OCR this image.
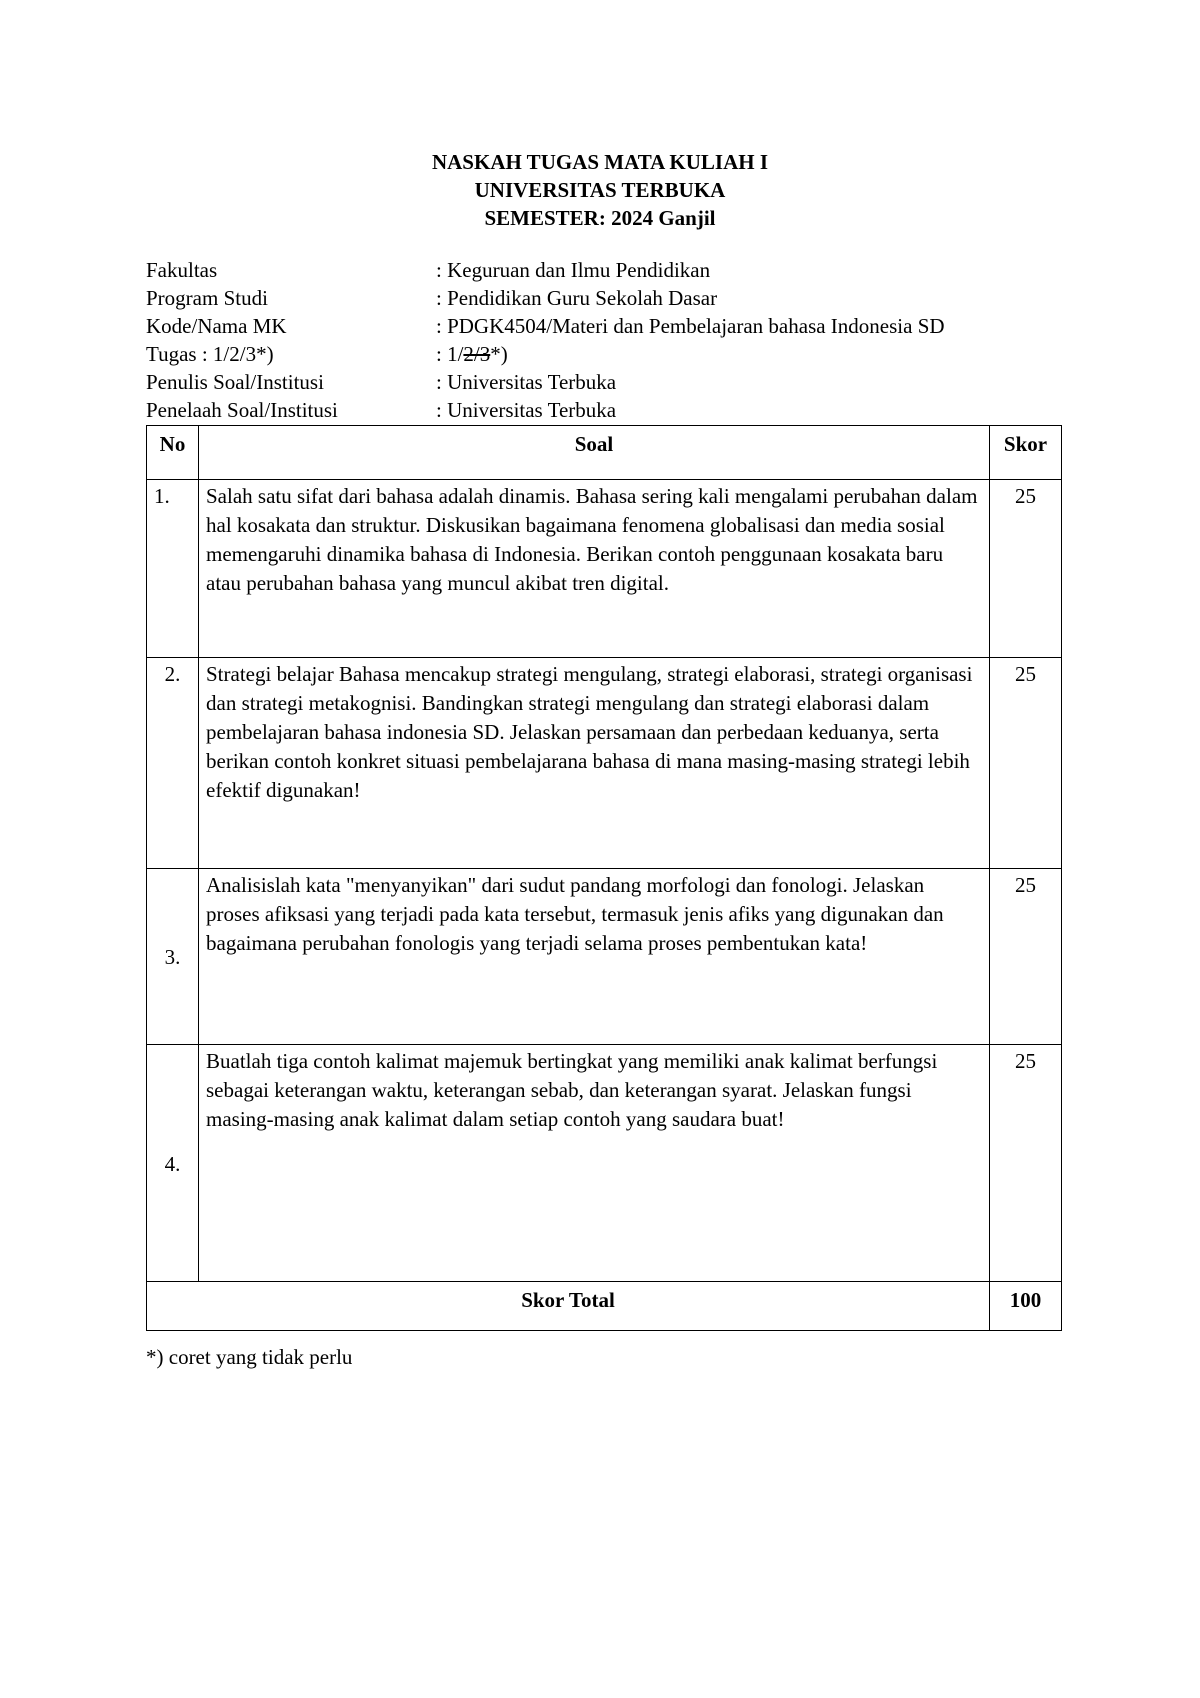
NASKAH TUGAS MATA KULIAH I
UNIVERSITAS TERBUKA
SEMESTER: 2024 Ganjil
Fakultas	: Keguruan dan Ilmu Pendidikan
Program Studi	: Pendidikan Guru Sekolah Dasar
Kode/Nama MK	: PDGK4504/Materi dan Pembelajaran bahasa Indonesia SD
Tugas : 1/2/3*)	: 1/2/3*)
Penulis Soal/Institusi	: Universitas Terbuka
Penelaah Soal/Institusi	: Universitas Terbuka
No	Soal	Skor
1.	Salah satu sifat dari bahasa adalah dinamis. Bahasa sering kali mengalami perubahan dalam hal kosakata dan struktur. Diskusikan bagaimana fenomena globalisasi dan media sosial memengaruhi dinamika bahasa di Indonesia. Berikan contoh penggunaan kosakata baru atau perubahan bahasa yang muncul akibat tren digital.	25
2.	Strategi belajar Bahasa mencakup strategi mengulang, strategi elaborasi, strategi organisasi dan strategi metakognisi. Bandingkan strategi mengulang dan strategi elaborasi dalam pembelajaran bahasa indonesia SD. Jelaskan persamaan dan perbedaan keduanya, serta berikan contoh konkret situasi pembelajarana bahasa di mana masing-masing strategi lebih efektif digunakan!	25
3.	Analisislah kata "menyanyikan" dari sudut pandang morfologi dan fonologi. Jelaskan proses afiksasi yang terjadi pada kata tersebut, termasuk jenis afiks yang digunakan dan bagaimana perubahan fonologis yang terjadi selama proses pembentukan kata!	25
4.	Buatlah tiga contoh kalimat majemuk bertingkat yang memiliki anak kalimat berfungsi sebagai keterangan waktu, keterangan sebab, dan keterangan syarat. Jelaskan fungsi masing-masing anak kalimat dalam setiap contoh yang saudara buat!	25
Skor Total		100
*) coret yang tidak perlu
